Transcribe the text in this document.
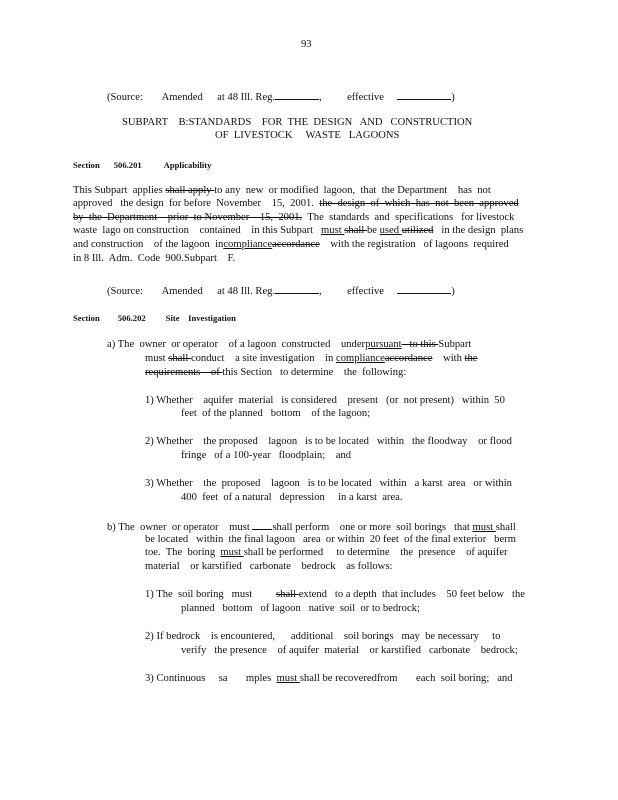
93
(Source: Amended at 48 Ill. Reg.	, effective	)
SUBPART    B:STANDARDS    FOR  THE  DESIGN   AND   CONSTRUCTION
OF  LIVESTOCK     WASTE   LAGOONS
Section 506.201	Applicability
This Subpart  applies shall apply to any  new  or modified  lagoon,  that  the Department    has  not
approved   the design  for before  November    15,  2001.  the  design  of  which  has  not  been  approved
by  the  Department    prior  to November    15,  2001.  The  standards  and  specifications   for livestock
waste  lago on construction    contained    in this Subpart   must shall be used utilized   in the design  plans
and construction    of the lagoon  incomplianceaccordance    with the registration   of lagoons  required
in 8 Ill.  Adm.  Code  900.Subpart    F.
(Source: Amended at 48 Ill. Reg.	, effective	)
Section 506.202 Site    Investigation
a) The  owner  or operator    of a lagoon  constructed    underpursuant   to this Subpart
must shall conduct    a site investigation    in complianceaccordance    with the
requirements    of this Section   to determine    the  following:
1) Whether    aquifer  material   is considered    present   (or  not present)   within  50
feet  of the planned   bottom    of the lagoon;
2) Whether    the proposed    lagoon   is to be located   within   the floodway    or flood
fringe   of a 100-year   floodplain;    and
3) Whether    the  proposed    lagoon   is to be located   within   a karst  area   or within
400  feet  of a natural   depression     in a karst  area.
b) The  owner  or operator    must shall perform    one or more  soil borings   that must shall
be located   within  the final lagoon   area  or within  20 feet  of the final exterior   berm
toe.  The  boring  must shall be performed     to determine    the  presence    of aquifer
material    or karstified   carbonate    bedrock    as follows:
1) The  soil boring   must         shall extend   to a depth  that includes    50 feet below   the
planned   bottom   of lagoon   native  soil  or to bedrock;
2) If bedrock    is encountered,      additional    soil borings   may  be necessary     to
verify   the presence    of aquifer  material    or karstified   carbonate    bedrock;
3) Continuous     sa       mples  must shall be recoveredfrom       each  soil boring;   and
